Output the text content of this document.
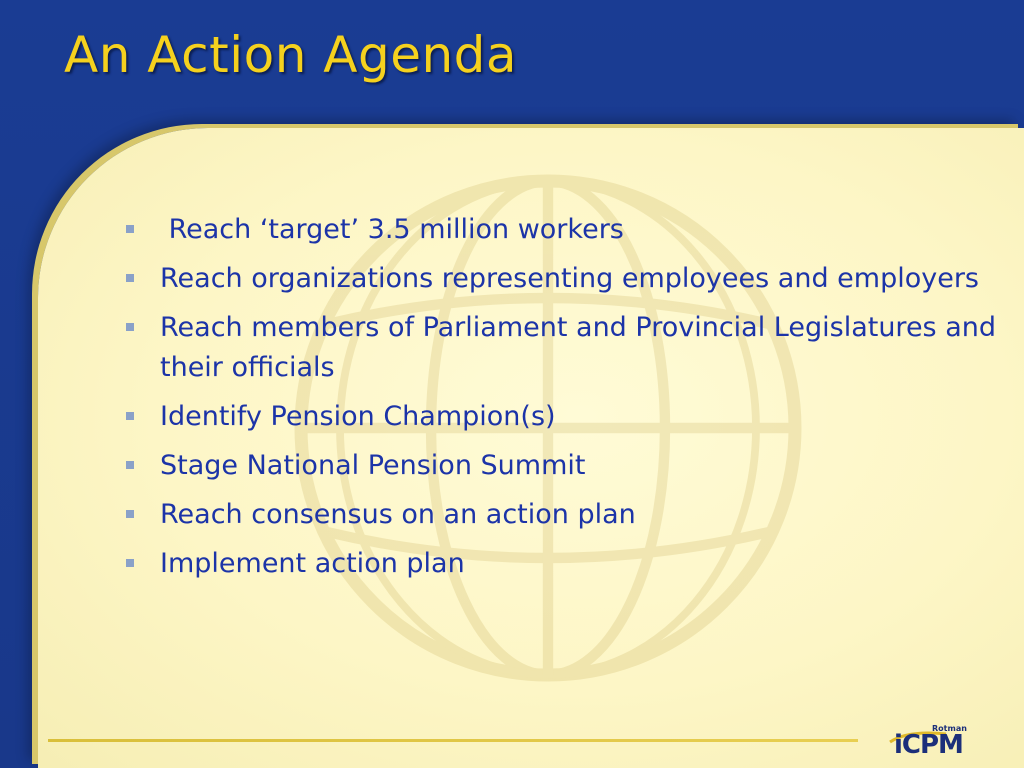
An Action Agenda
Reach ‘target’ 3.5 million workers
Reach organizations representing employees and employers
Reach members of Parliament and Provincial Legislatures and their officials
Identify Pension Champion(s)
Stage National Pension Summit
Reach consensus on an action plan
Implement action plan
Rotman
iCPM
